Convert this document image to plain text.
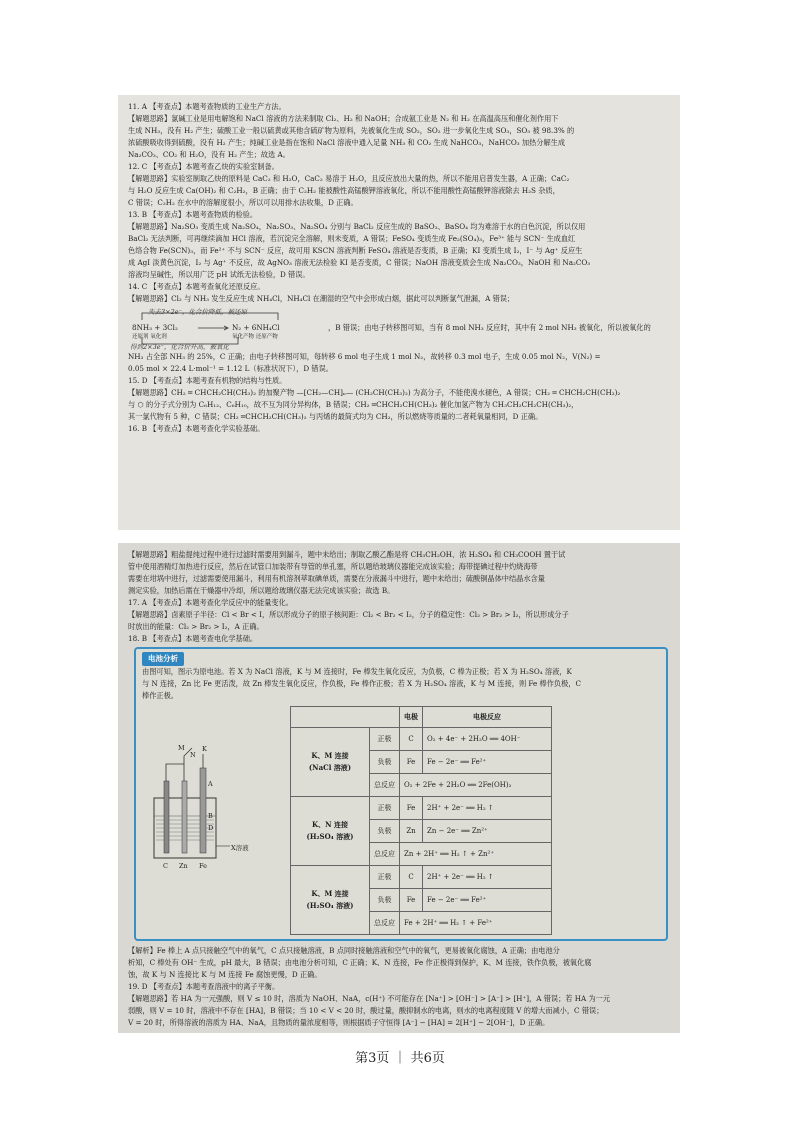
11. A 【考查点】本题考查物质的工业生产方法。
【解题思路】氯碱工业是用电解饱和 NaCl 溶液的方法来制取 Cl₂、H₂ 和 NaOH；合成氨工业是 N₂ 和 H₂ 在高温高压和催化剂作用下
生成 NH₃，没有 H₂ 产生；硫酸工业一般以硫黄或其他含硫矿物为原料，先被氧化生成 SO₂，SO₂ 进一步氧化生成 SO₃，SO₃ 被 98.3% 的
浓硫酸吸收得到硫酸，没有 H₂ 产生；纯碱工业是指在饱和 NaCl 溶液中通入足量 NH₃ 和 CO₂ 生成 NaHCO₃，NaHCO₃ 加热分解生成
Na₂CO₃、CO₂ 和 H₂O，没有 H₂ 产生；故选 A。
12. C 【考查点】本题考查乙炔的实验室制备。
【解题思路】实验室制取乙炔的原料是 CaC₂ 和 H₂O，CaC₂ 易溶于 H₂O，且反应放出大量的热，所以不能用启普发生器，A 正确；CaC₂
与 H₂O 反应生成 Ca(OH)₂ 和 C₂H₂，B 正确；由于 C₂H₂ 能被酸性高锰酸钾溶液氧化，所以不能用酸性高锰酸钾溶液除去 H₂S 杂质，
C 错误；C₂H₂ 在水中的溶解度很小，所以可以用排水法收集，D 正确。
13. B 【考查点】本题考查物质的检验。
【解题思路】Na₂SO₃ 变质生成 Na₂SO₄，Na₂SO₃、Na₂SO₄ 分别与 BaCl₂ 反应生成的 BaSO₃、BaSO₄ 均为难溶于水的白色沉淀，所以仅用
BaCl₂ 无法判断，可再继续滴加 HCl 溶液，若沉淀完全溶解，则未变质，A 错误；FeSO₄ 变质生成 Fe₂(SO₄)₃，Fe³⁺ 能与 SCN⁻ 生成血红
色络合物 Fe(SCN)₃，而 Fe²⁺ 不与 SCN⁻ 反应，故可用 KSCN 溶液判断 FeSO₄ 溶液是否变质，B 正确；KI 变质生成 I₂，I⁻ 与 Ag⁺ 反应生
成 AgI 淡黄色沉淀，I₂ 与 Ag⁺ 不反应，故 AgNO₃ 溶液无法检验 KI 是否变质，C 错误；NaOH 溶液变质会生成 Na₂CO₃，NaOH 和 Na₂CO₃
溶液均呈碱性，所以用广泛 pH 试纸无法检验，D 错误。
14. C 【考查点】本题考查氧化还原反应。
【解题思路】Cl₂ 与 NH₃ 发生反应生成 NH₄Cl，NH₄Cl 在潮湿的空气中会形成白烟，据此可以判断氯气泄漏，A 错误；
失去3×2e⁻，化合价降低，被还原
8NH₃ + 3Cl₂
还原剂 氧化剂
N₂ + 6NH₄Cl
氧化产物 还原产物
，B 错误；由电子转移图可知，当有 8 mol NH₃ 反应时，其中有 2 mol NH₃ 被氧化，所以被氧化的
得到2×3e⁻，化合价升高，被氧化
NH₃ 占全部 NH₃ 的 25%，C 正确；由电子转移图可知，每转移 6 mol 电子生成 1 mol N₂，故转移 0.3 mol 电子，生成 0.05 mol N₂，V(N₂) =
0.05 mol × 22.4 L·mol⁻¹ = 1.12 L（标准状况下），D 错误。
15. D 【考查点】本题考查有机物的结构与性质。
【解题思路】CH₂ ═ CHCH₂CH(CH₃)₂ 的加聚产物 —[CH₂—CH]ₙ— (CH₂CH(CH₃)₂) 为高分子，不能使溴水褪色，A 错误；CH₂ ═ CHCH₂CH(CH₃)₂
与 ⬡ 的分子式分别为 C₆H₁₂、C₆H₁₀，故不互为同分异构体，B 错误；CH₂ ═CHCH₂CH(CH₃)₂ 催化加氢产物为 CH₃CH₂CH₂CH(CH₃)₂，
其一氯代物有 5 种，C 错误；CH₂ ═CHCH₂CH(CH₃)₂ 与丙烯的最简式均为 CH₂，所以燃烧等质量的二者耗氧量相同，D 正确。
16. B 【考查点】本题考查化学实验基础。
【解题思路】粗盐提纯过程中进行过滤时需要用到漏斗，题中未给出；制取乙酸乙酯是将 CH₃CH₂OH、浓 H₂SO₄ 和 CH₃COOH 置于试
管中使用酒精灯加热进行反应，然后在试管口加装带有导管的单孔塞，所以题给玻璃仪器能完成该实验；海带提碘过程中灼烧海带
需要在坩埚中进行，过滤需要使用漏斗，利用有机溶剂萃取碘单质，需要在分液漏斗中进行，题中未给出；硫酸铜晶体中结晶水含量
测定实验，加热后需在干燥器中冷却，所以题给玻璃仪器无法完成该实验；故选 B。
17. A 【考查点】本题考查化学反应中的能量变化。
【解题思路】卤素原子半径：Cl < Br < I，所以形成分子的原子核间距：Cl₂ < Br₂ < I₂，分子的稳定性：Cl₂ > Br₂ > I₂，所以形成分子
时放出的能量：Cl₂ > Br₂ > I₂，A 正确。
18. B 【考查点】本题考查电化学基础。
电池分析
由图可知，图示为原电池。若 X 为 NaCl 溶液，K 与 M 连接时，Fe 棒发生氧化反应，为负极，C 棒为正极；若 X 为 H₂SO₄ 溶液，K
与 N 连接，Zn 比 Fe 更活泼，故 Zn 棒发生氧化反应，作负极，Fe 棒作正极；若 X 为 H₂SO₄ 溶液，K 与 M 连接，则 Fe 棒作负极，C
棒作正极。
M
N
K
A
B
D
X溶液
C Zn Fe
		电极	电极反应

K、M 连接
(NaCl 溶液)	正极	C	O₂ + 4e⁻ + 2H₂O ══ 4OH⁻
	负极	Fe	Fe − 2e⁻ ══ Fe²⁺
	总反应	O₂ + 2Fe + 2H₂O ══ 2Fe(OH)₂	

K、N 连接
(H₂SO₄ 溶液)	正极	Fe	2H⁺ + 2e⁻ ══ H₂ ↑
	负极	Zn	Zn − 2e⁻ ══ Zn²⁺
	总反应	Zn + 2H⁺ ══ H₂ ↑ + Zn²⁺	

K、M 连接
(H₂SO₄ 溶液)	正极	C	2H⁺ + 2e⁻ ══ H₂ ↑
	负极	Fe	Fe − 2e⁻ ══ Fe²⁺
	总反应	Fe + 2H⁺ ══ H₂ ↑ + Fe²⁺	
【解析】Fe 棒上 A 点只接触空气中的氧气，C 点只接触溶液，B 点同时接触溶液和空气中的氧气，更易被氧化腐蚀，A 正确；由电池分
析知，C 棒处有 OH⁻ 生成，pH 最大，B 错误；由电池分析可知，C 正确；K、N 连接，Fe 作正极得到保护，K、M 连接，铁作负极，被氧化腐
蚀，故 K 与 N 连接比 K 与 M 连接 Fe 腐蚀更慢，D 正确。
19. D 【考查点】本题考查溶液中的离子平衡。
【解题思路】若 HA 为一元强酸，则 V ≤ 10 时，溶质为 NaOH、NaA，c(H⁺) 不可能存在 [Na⁺] > [OH⁻] > [A⁻] > [H⁺]，A 错误；若 HA 为一元
弱酸，则 V = 10 时，溶液中不存在 [HA]，B 错误；当 10 < V < 20 时，酸过量，酸抑制水的电离，则水的电离程度随 V 的增大而减小，C 错误；
V = 20 时，所得溶液的溶质为 HA、NaA，且物质的量浓度相等，则根据质子守恒得 [A⁻] − [HA] = 2[H⁺] − 2[OH⁻]，D 正确。
第3页 ｜ 共6页
